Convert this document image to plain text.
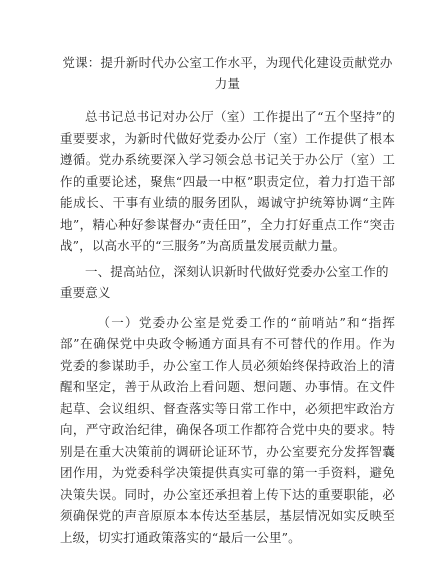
党课：提升新时代办公室工作水平，为现代化建设贡献党办力量

总书记总书记对办公厅（室）工作提出了“五个坚持”的重要要求，为新时代做好党委办公厅（室）工作提供了根本遵循。党办系统要深入学习领会总书记关于办公厅（室）工作的重要论述，聚焦“四最一中枢”职责定位，着力打造干部能成长、干事有业绩的服务团队，竭诚守护统筹协调“主阵地”，精心种好参谋督办“责任田”，全力打好重点工作“突击战”，以高水平的“三服务”为高质量发展贡献力量。

一、提高站位，深刻认识新时代做好党委办公室工作的重要意义

（一）党委办公室是党委工作的“前哨站”和“指挥部”在确保党中央政令畅通方面具有不可替代的作用。作为党委的参谋助手，办公室工作人员必须始终保持政治上的清醒和坚定，善于从政治上看问题、想问题、办事情。在文件起草、会议组织、督查落实等日常工作中，必须把牢政治方向，严守政治纪律，确保各项工作都符合党中央的要求。特别是在重大决策前的调研论证环节，办公室要充分发挥智囊团作用，为党委科学决策提供真实可靠的第一手资料，避免决策失误。同时，办公室还承担着上传下达的重要职能，必须确保党的声音原原本本传达至基层，基层情况如实反映至上级，切实打通政策落实的“最后一公里”。
